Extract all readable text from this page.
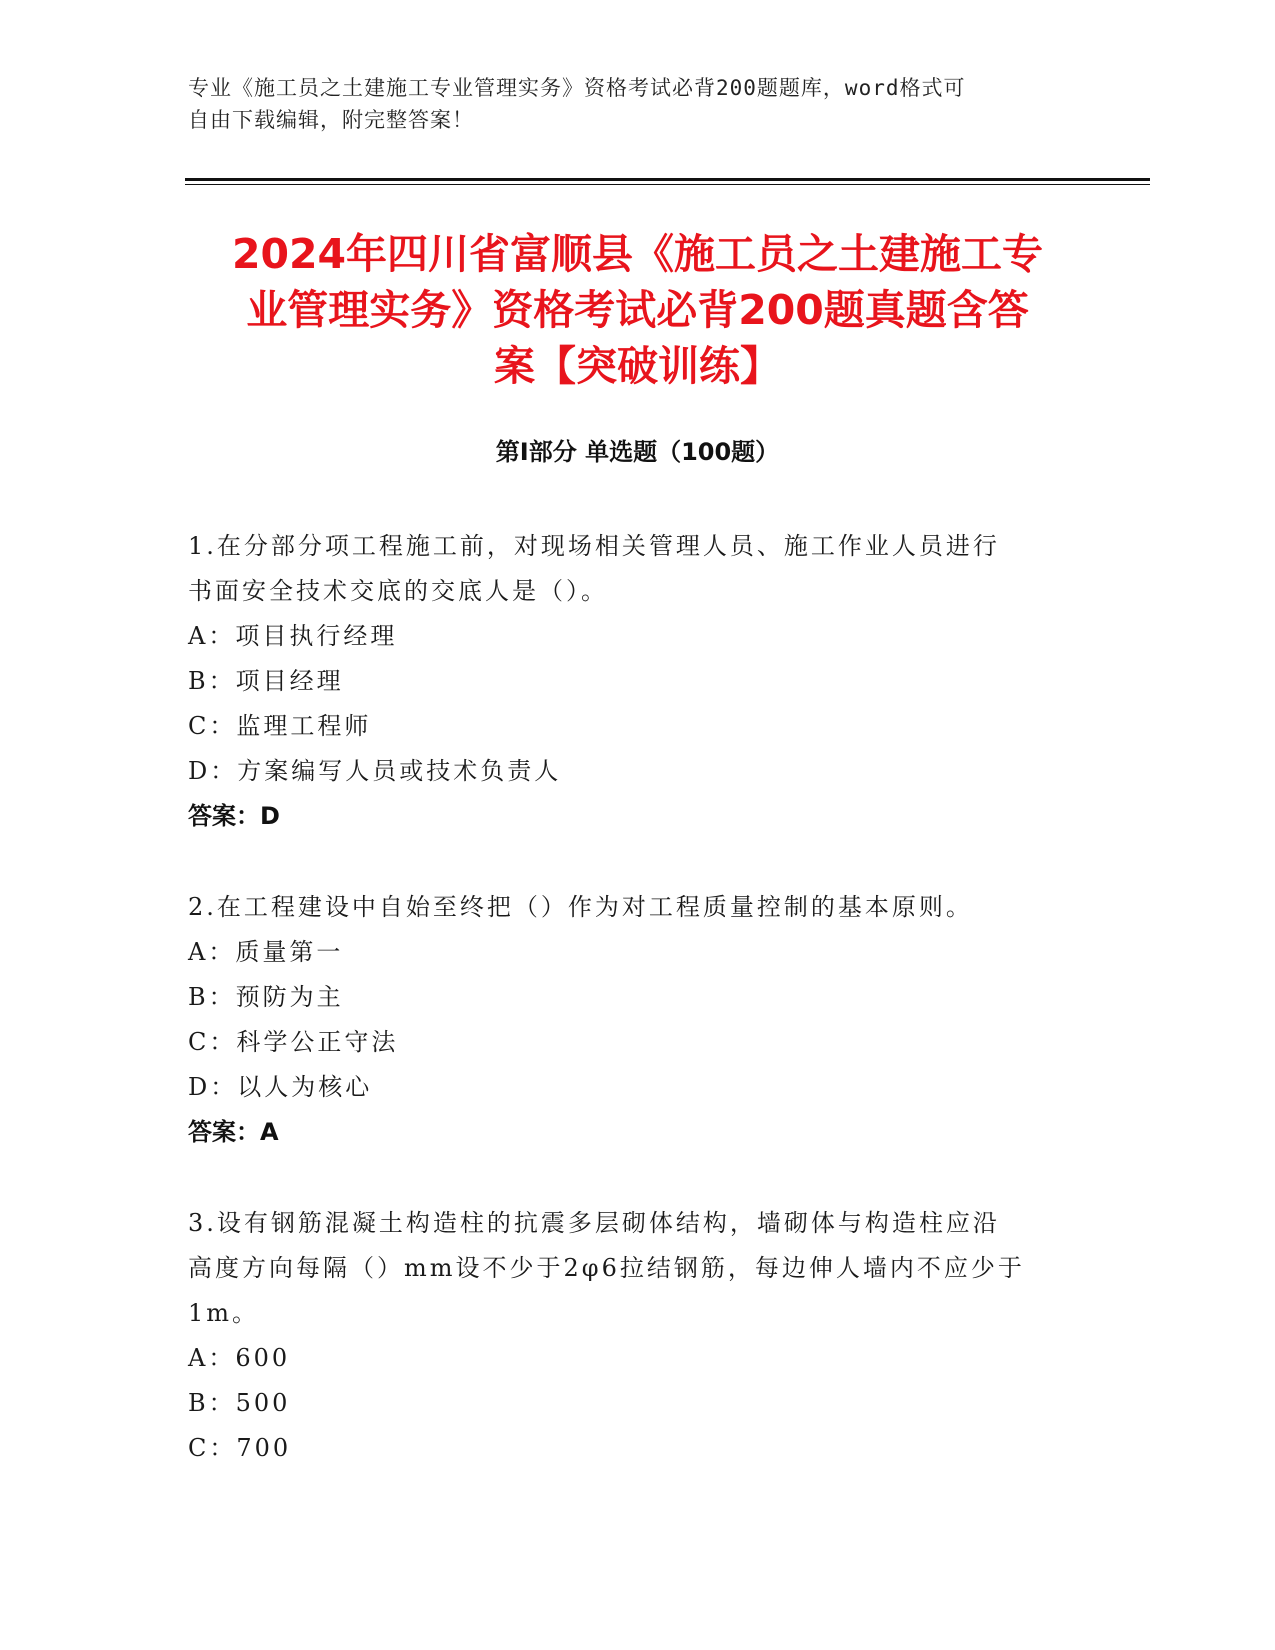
专业《施工员之土建施工专业管理实务》资格考试必背200题题库，word格式可
自由下载编辑，附完整答案！
2024年四川省富顺县《施工员之土建施工专
业管理实务》资格考试必背200题真题含答
案【突破训练】
第Ⅰ部分 单选题（100题）
1.在分部分项工程施工前，对现场相关管理人员、施工作业人员进行
书面安全技术交底的交底人是（）。
A：项目执行经理
B：项目经理
C：监理工程师
D：方案编写人员或技术负责人
答案：D
2.在工程建设中自始至终把（）作为对工程质量控制的基本原则。
A：质量第一
B：预防为主
C：科学公正守法
D：以人为核心
答案：A
3.设有钢筋混凝土构造柱的抗震多层砌体结构，墙砌体与构造柱应沿
高度方向每隔（）mm设不少于2φ6拉结钢筋，每边伸人墙内不应少于
1m。
A：600
B：500
C：700
